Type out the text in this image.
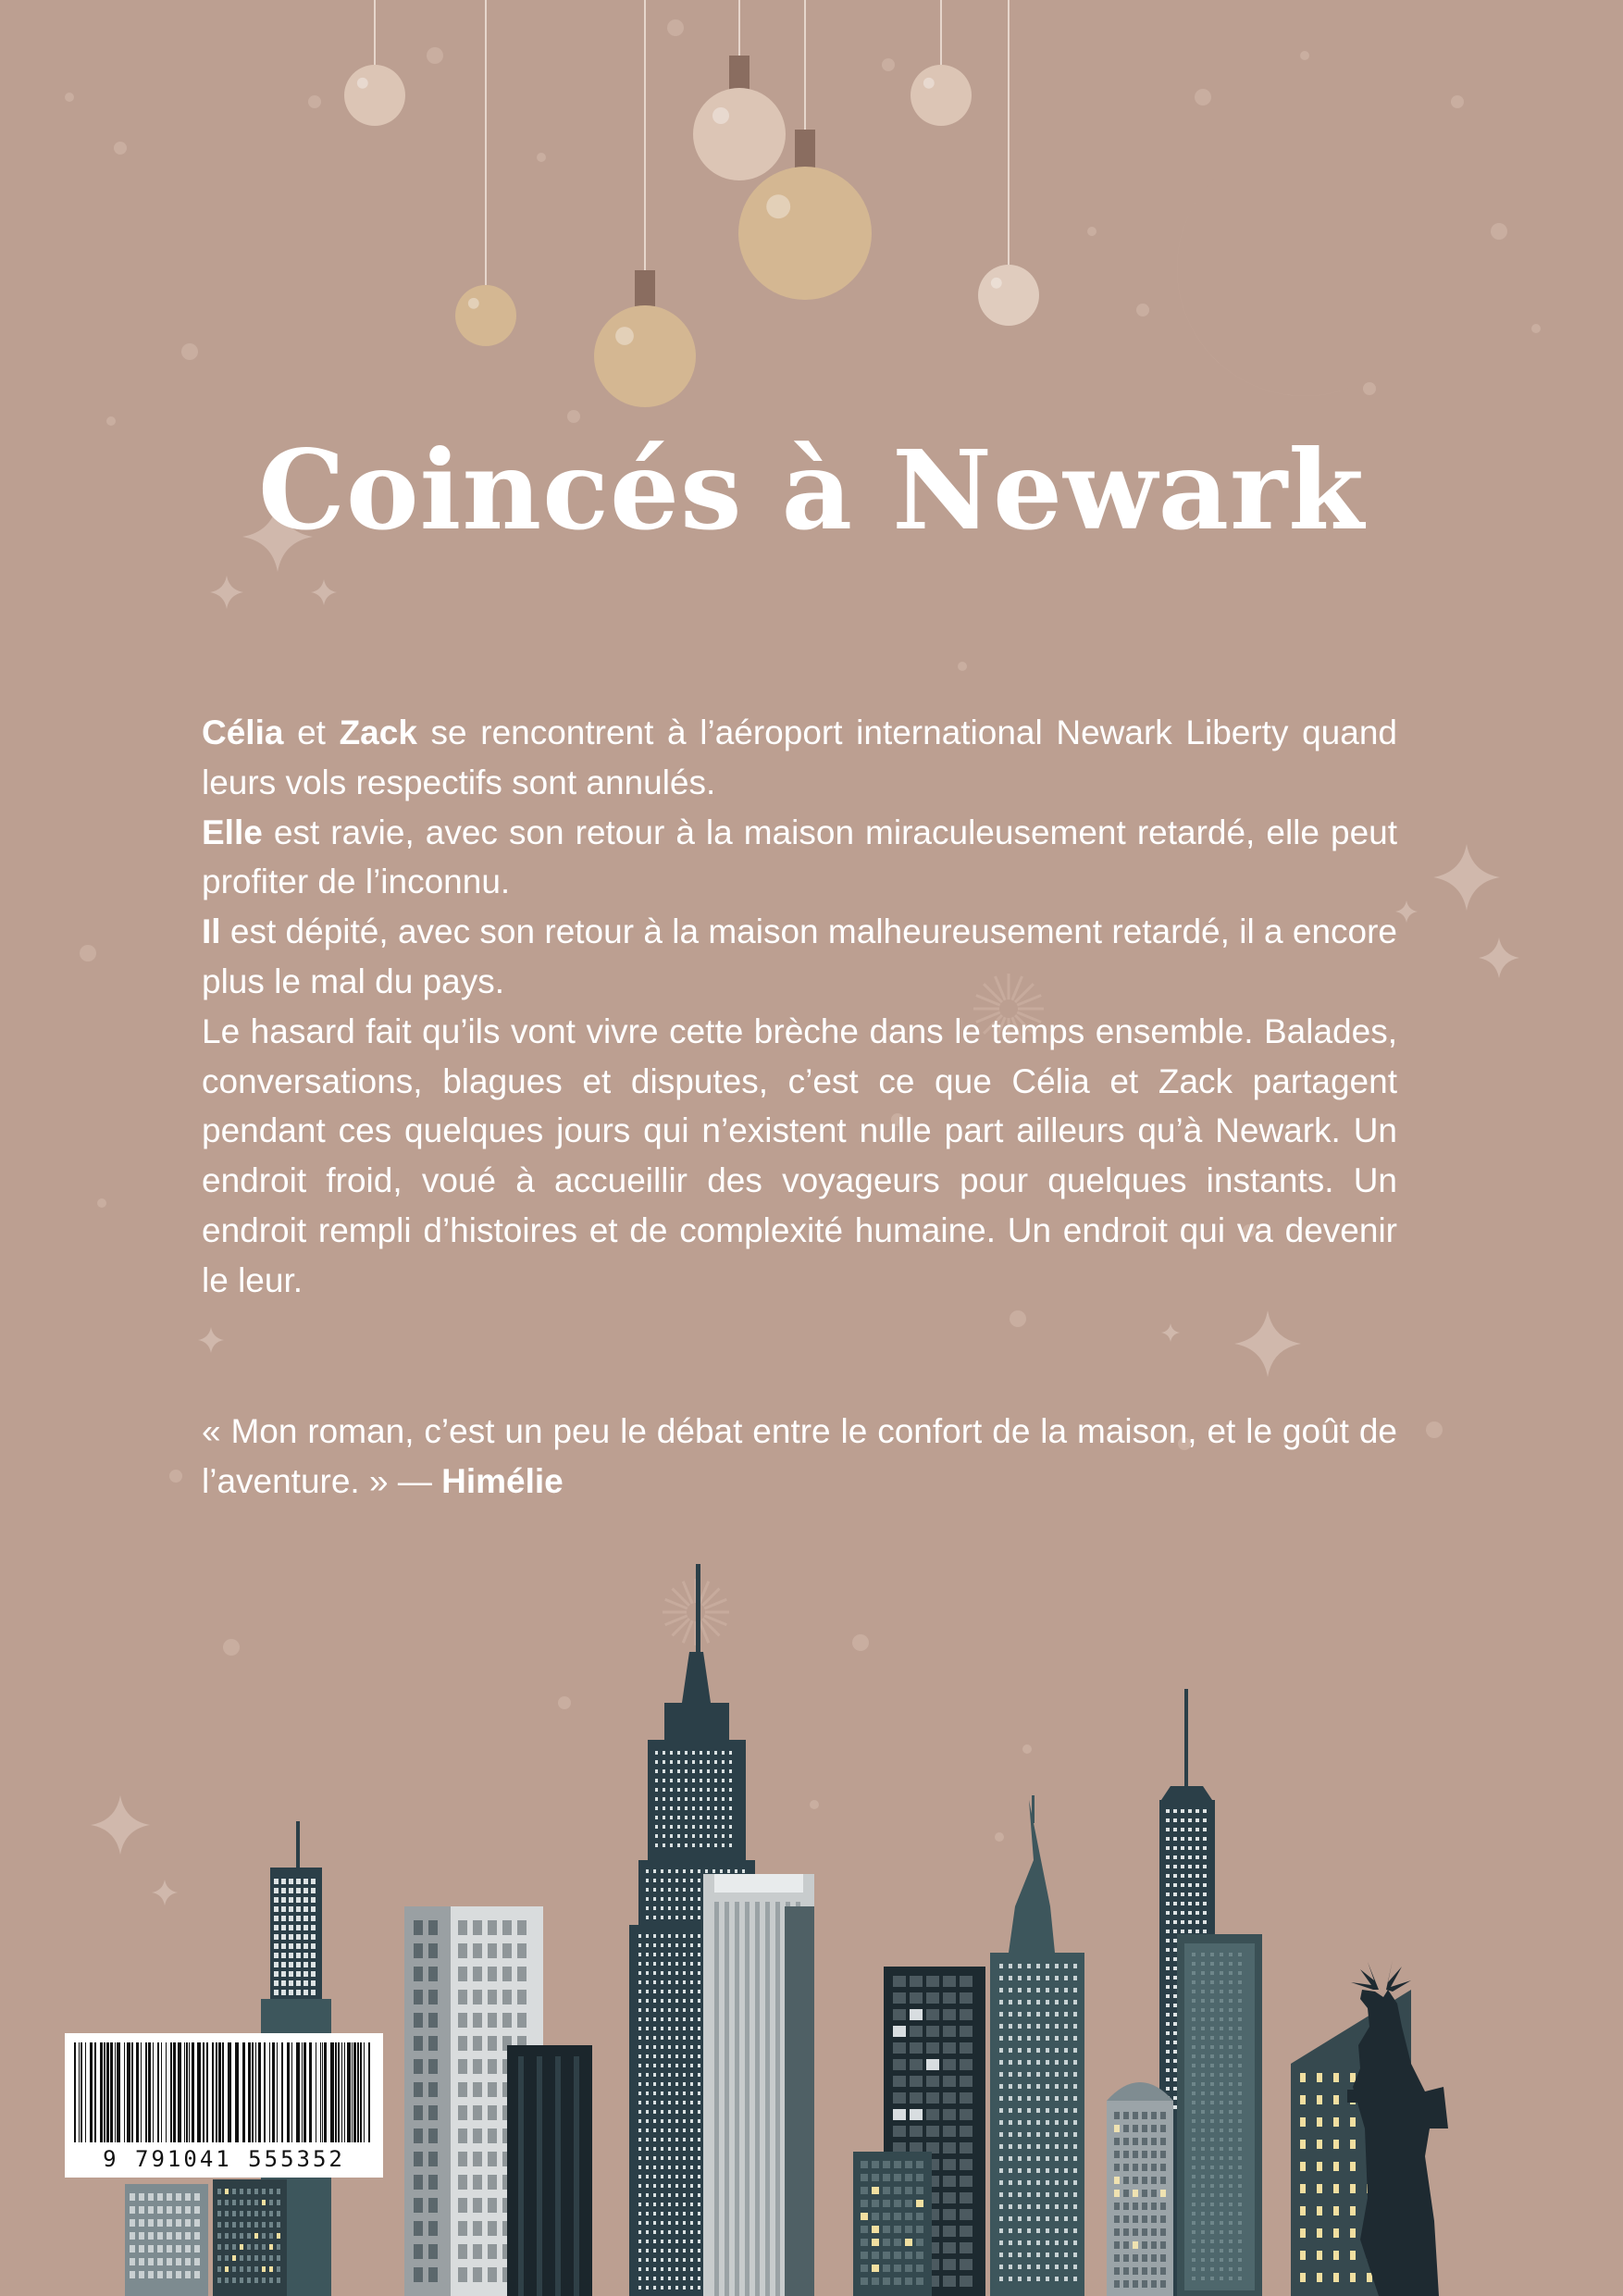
Coincés à Newark

Célia et Zack se rencontrent à l’aéroport international Newark Liberty quand leurs vols respectifs sont annulés.

Elle est ravie, avec son retour à la maison miraculeusement retardé, elle peut profiter de l’inconnu.

Il est dépité, avec son retour à la maison malheureusement retardé, il a encore plus le mal du pays.

Le hasard fait qu’ils vont vivre cette brèche dans le temps ensemble. Balades, conversations, blagues et disputes, c’est ce que Célia et Zack partagent pendant ces quelques jours qui n’existent nulle part ailleurs qu’à Newark. Un endroit froid, voué à accueillir des voyageurs pour quelques instants. Un endroit rempli d’histoires et de complexité humaine. Un endroit qui va devenir le leur.

« Mon roman, c’est un peu le débat entre le confort de la maison, et le goût de l’aventure. » — Himélie

9 791041 555352
